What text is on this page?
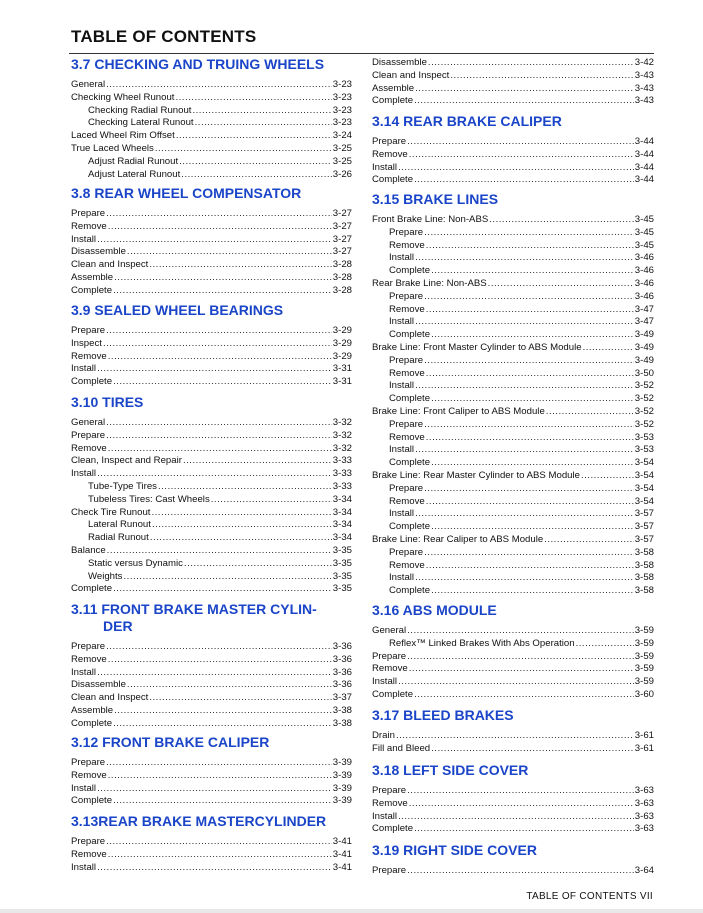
TABLE OF CONTENTS
TABLE OF CONTENTS VII
3.7 CHECKING AND TRUING WHEELS
General .....	3-23
Checking Wheel Runout .....	3-23
Checking Radial Runout .....	3-23
Checking Lateral Runout .....	3-23
Laced Wheel Rim Offset .....	3-24
True Laced Wheels .....	3-25
Adjust Radial Runout .....	3-25
Adjust Lateral Runout .....	3-26
3.8 REAR WHEEL COMPENSATOR
Prepare .....	3-27
Remove .....	3-27
Install .....	3-27
Disassemble .....	3-27
Clean and Inspect .....	3-28
Assemble .....	3-28
Complete .....	3-28
3.9 SEALED WHEEL BEARINGS
Prepare .....	3-29
Inspect .....	3-29
Remove .....	3-29
Install .....	3-31
Complete .....	3-31
3.10 TIRES
General .....	3-32
Prepare .....	3-32
Remove .....	3-32
Clean, Inspect and Repair .....	3-33
Install .....	3-33
Tube-Type Tires .....	3-33
Tubeless Tires: Cast Wheels .....	3-34
Check Tire Runout .....	3-34
Lateral Runout .....	3-34
Radial Runout .....	3-34
Balance .....	3-35
Static versus Dynamic .....	3-35
Weights .....	3-35
Complete .....	3-35
3.11 FRONT BRAKE MASTER CYLIN-
DER
Prepare .....	3-36
Remove .....	3-36
Install .....	3-36
Disassemble .....	3-36
Clean and Inspect .....	3-37
Assemble .....	3-38
Complete .....	3-38
3.12 FRONT BRAKE CALIPER
Prepare .....	3-39
Remove .....	3-39
Install .....	3-39
Complete .....	3-39
3.13REAR BRAKE MASTERCYLINDER
Prepare .....	3-41
Remove .....	3-41
Install .....	3-41
Disassemble .....	3-42
Clean and Inspect .....	3-43
Assemble .....	3-43
Complete .....	3-43
3.14 REAR BRAKE CALIPER
Prepare .....	3-44
Remove .....	3-44
Install .....	3-44
Complete .....	3-44
3.15 BRAKE LINES
Front Brake Line: Non-ABS .....	3-45
Prepare .....	3-45
Remove .....	3-45
Install .....	3-46
Complete .....	3-46
Rear Brake Line: Non-ABS .....	3-46
Prepare .....	3-46
Remove .....	3-47
Install .....	3-47
Complete .....	3-49
Brake Line: Front Master Cylinder to ABS Module .....	3-49
Prepare .....	3-49
Remove .....	3-50
Install .....	3-52
Complete .....	3-52
Brake Line: Front Caliper to ABS Module .....	3-52
Prepare .....	3-52
Remove .....	3-53
Install .....	3-53
Complete .....	3-54
Brake Line: Rear Master Cylinder to ABS Module .....	3-54
Prepare .....	3-54
Remove .....	3-54
Install .....	3-57
Complete .....	3-57
Brake Line: Rear Caliper to ABS Module .....	3-57
Prepare .....	3-58
Remove .....	3-58
Install .....	3-58
Complete .....	3-58
3.16 ABS MODULE
General .....	3-59
Reflex™ Linked Brakes With Abs Operation .....	3-59
Prepare .....	3-59
Remove .....	3-59
Install .....	3-59
Complete .....	3-60
3.17 BLEED BRAKES
Drain .....	3-61
Fill and Bleed .....	3-61
3.18 LEFT SIDE COVER
Prepare .....	3-63
Remove .....	3-63
Install .....	3-63
Complete .....	3-63
3.19 RIGHT SIDE COVER
Prepare .....	3-64
